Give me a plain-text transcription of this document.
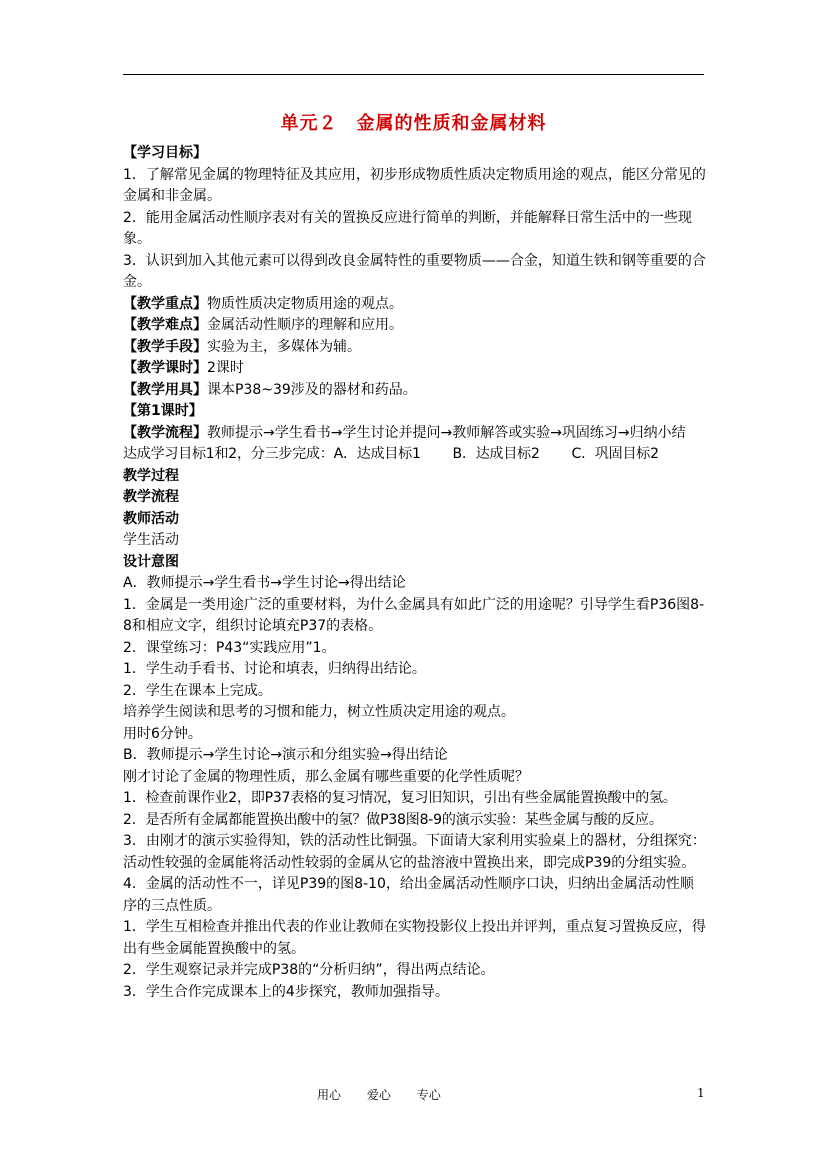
单元２　金属的性质和金属材料

【学习目标】

1．了解常见金属的物理特征及其应用，初步形成物质性质决定物质用途的观点，能区分常见的金属和非金属。

2．能用金属活动性顺序表对有关的置换反应进行简单的判断，并能解释日常生活中的一些现象。

3．认识到加入其他元素可以得到改良金属特性的重要物质——合金，知道生铁和钢等重要的合金。

【教学重点】物质性质决定物质用途的观点。

【教学难点】金属活动性顺序的理解和应用。

【教学手段】实验为主，多媒体为辅。

【教学课时】2课时

【教学用具】课本P38~39涉及的器材和药品。

【第1课时】

【教学流程】教师提示→学生看书→学生讨论并提问→教师解答或实验→巩固练习→归纳小结

达成学习目标1和2，分三步完成：A．达成目标1　　 B．达成目标2　　 C．巩固目标2

教学过程

教学流程

教师活动

学生活动

设计意图

A．教师提示→学生看书→学生讨论→得出结论

1．金属是一类用途广泛的重要材料，为什么金属具有如此广泛的用途呢？引导学生看P36图8-8和相应文字，组织讨论填充P37的表格。

2．课堂练习：P43“实践应用”1。

1．学生动手看书、讨论和填表，归纳得出结论。

2．学生在课本上完成。

培养学生阅读和思考的习惯和能力，树立性质决定用途的观点。

用时6分钟。

B．教师提示→学生讨论→演示和分组实验→得出结论

刚才讨论了金属的物理性质，那么金属有哪些重要的化学性质呢？

1．检查前课作业2，即P37表格的复习情况，复习旧知识，引出有些金属能置换酸中的氢。

2．是否所有金属都能置换出酸中的氢？做P38图8-9的演示实验：某些金属与酸的反应。

3．由刚才的演示实验得知，铁的活动性比铜强。下面请大家利用实验桌上的器材，分组探究：活动性较强的金属能将活动性较弱的金属从它的盐溶液中置换出来，即完成P39的分组实验。

4．金属的活动性不一，详见P39的图8-10，给出金属活动性顺序口诀，归纳出金属活动性顺序的三点性质。

1．学生互相检查并推出代表的作业让教师在实物投影仪上投出并评判，重点复习置换反应，得出有些金属能置换酸中的氢。

2．学生观察记录并完成P38的“分析归纳”，得出两点结论。

3．学生合作完成课本上的4步探究，教师加强指导。

用心 爱心 专心	1
